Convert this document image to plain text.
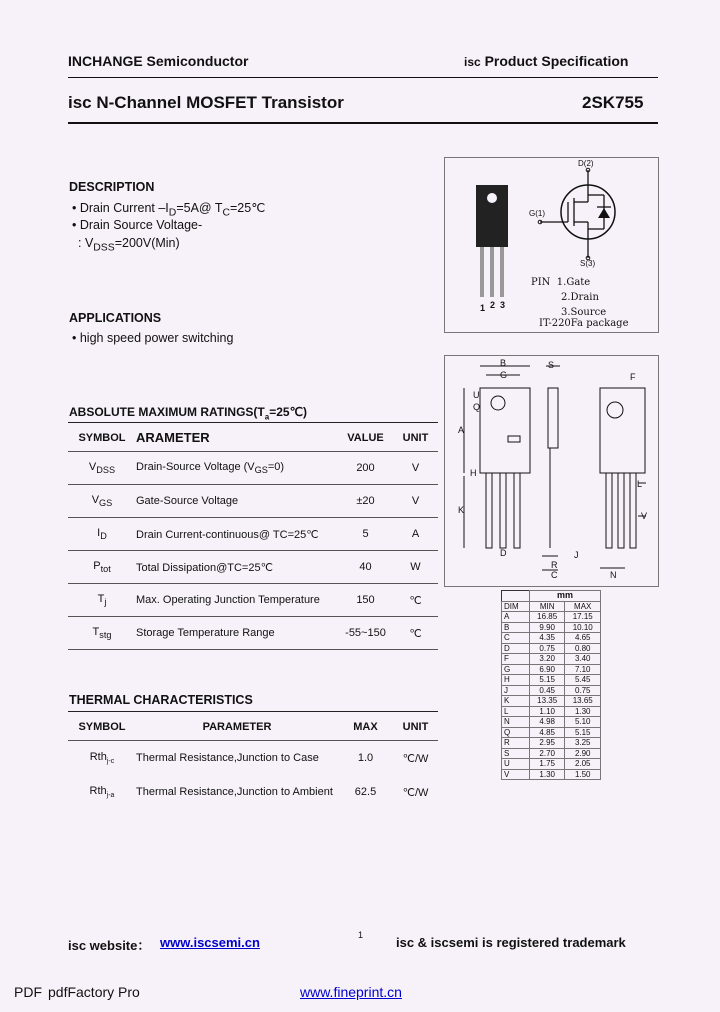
INCHANGE Semiconductor	isc Product Specification
isc N-Channel MOSFET Transistor	2SK755
DESCRIPTION
• Drain Current $-I_D=5A@$ $T_C=25℃$
• Drain Source Voltage-
: $V_{DSS}=200V(Min)$
APPLICATIONS
• high speed power switching
1 2 3
D(2)
G(1)
S(3)
PIN 1.Gate
2.Drain
3.Source
IT-220Fa package
ABSOLUTE MAXIMUM $RATINGS(T_a=25℃)$
SYMBOL	ARAMETER	VALUE	UNIT
$V_{DSS}$	Drain-Source Voltage $(V_{GS}=0)$	200	V
$V_{GS}$	Gate-Source Voltage	±20	V
$I_D$	Drain Current-continuous@ TC=25℃	5	A
$P_{tot}$	Total Dissipation@TC=25℃	40	W
$T_j$	Max. Operating Junction Temperature	150	℃
$T_{stg}$	Storage Temperature Range	-55~150	℃
THERMAL CHARACTERISTICS
SYMBOL	PARAMETER	MAX	UNIT
Rth$_{j-c}$	Thermal Resistance,Junction to Case	1.0	℃/W
Rth$_{j-a}$	Thermal Resistance,Junction to Ambient	62.5	℃/W
B
G
S
F
U
Q
A
H
K
L
V
D	J
R
C	N
	mm	
DIM	MIN	MAX
A	16.85	17.15
B	9.90	10.10
C	4.35	4.65
D	0.75	0.80
F	3.20	3.40
G	6.90	7.10
H	5.15	5.45
J	0.45	0.75
K	13.35	13.65
L	1.10	1.30
N	4.98	5.10
Q	4.85	5.15
R	2.95	3.25
S	2.70	2.90
U	1.75	2.05
V	1.30	1.50
isc website： www.iscsemi.cn	1	isc & iscsemi is registered trademark
PDF pdfFactory Pro	www.fineprint.cn
